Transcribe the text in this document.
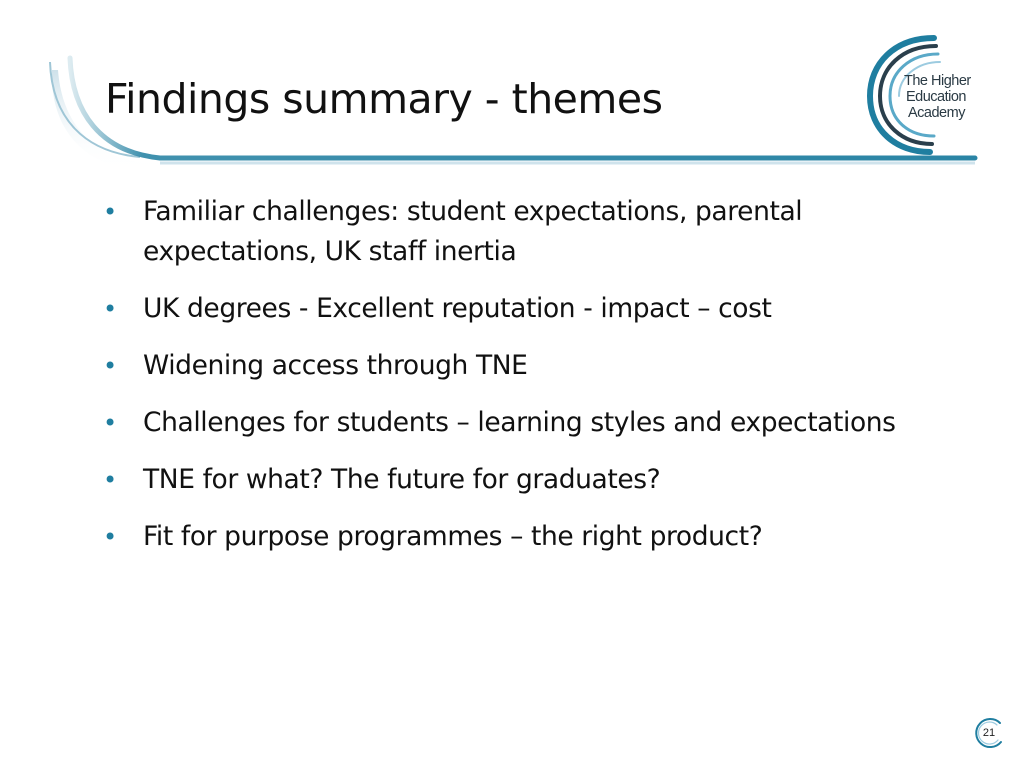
Findings summary - themes	The Higher
Education
Academy
• Familiar challenges: student expectations, parental expectations, UK staff inertia
• UK degrees - Excellent reputation - impact – cost
• Widening access through TNE
• Challenges for students – learning styles and expectations
• TNE for what? The future for graduates?
• Fit for purpose programmes – the right product?
21
